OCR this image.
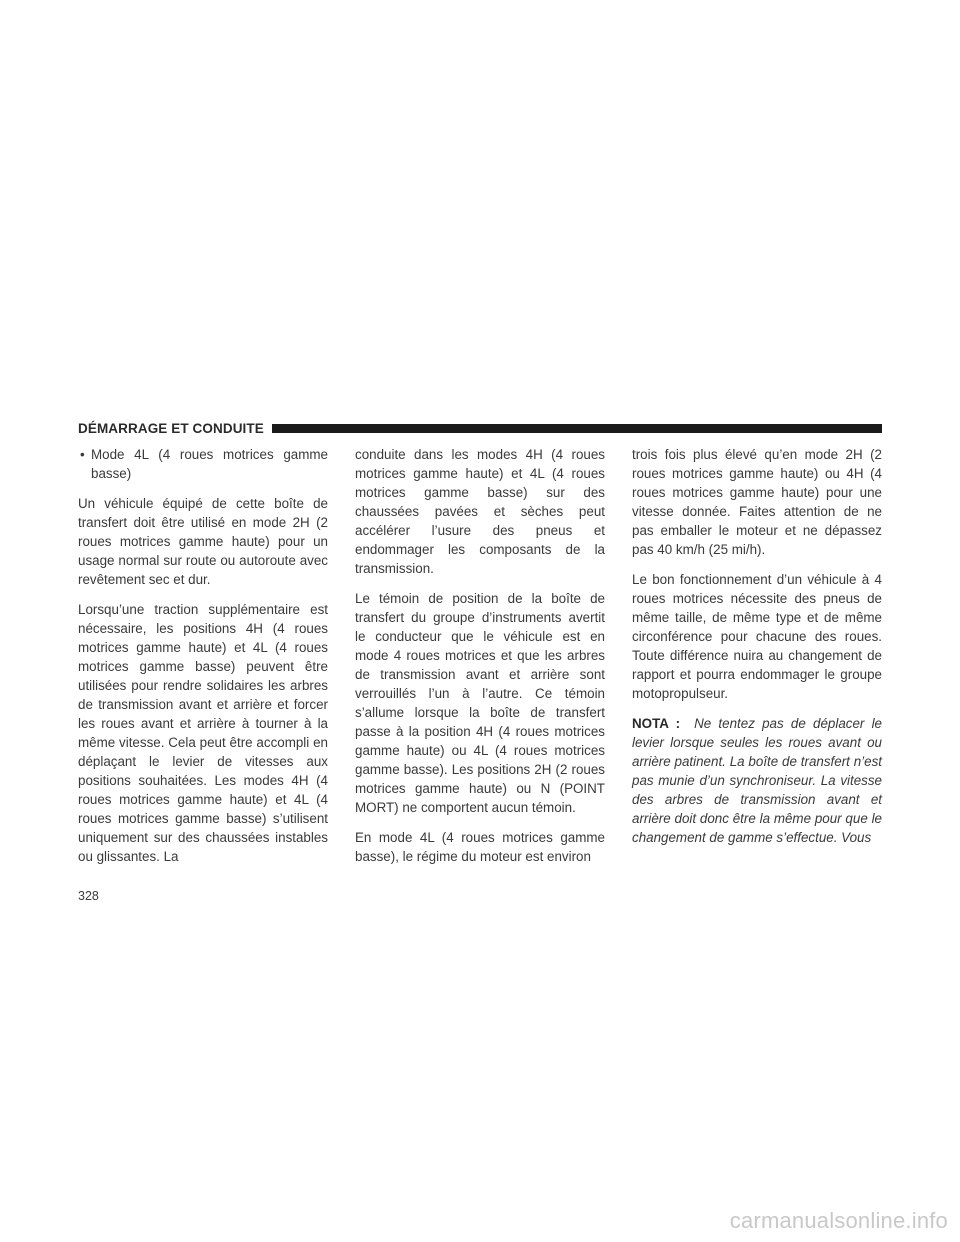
DÉMARRAGE ET CONDUITE
• Mode 4L (4 roues motrices gamme basse)

Un véhicule équipé de cette boîte de transfert doit être utilisé en mode 2H (2 roues motrices gamme haute) pour un usage normal sur route ou autoroute avec revêtement sec et dur.

Lorsqu’une traction supplémentaire est nécessaire, les positions 4H (4 roues motrices gamme haute) et 4L (4 roues motrices gamme basse) peuvent être utilisées pour rendre solidaires les arbres de transmission avant et arrière et forcer les roues avant et arrière à tourner à la même vitesse. Cela peut être accompli en déplaçant le levier de vitesses aux positions souhaitées. Les modes 4H (4 roues motrices gamme haute) et 4L (4 roues motrices gamme basse) s’utilisent uniquement sur des chaussées instables ou glissantes. La

conduite dans les modes 4H (4 roues motrices gamme haute) et 4L (4 roues motrices gamme basse) sur des chaussées pavées et sèches peut accélérer l’usure des pneus et endommager les composants de la transmission.

Le témoin de position de la boîte de transfert du groupe d’instruments avertit le conducteur que le véhicule est en mode 4 roues motrices et que les arbres de transmission avant et arrière sont verrouillés l’un à l’autre. Ce témoin s’allume lorsque la boîte de transfert passe à la position 4H (4 roues motrices gamme haute) ou 4L (4 roues motrices gamme basse). Les positions 2H (2 roues motrices gamme haute) ou N (POINT MORT) ne comportent aucun témoin.

En mode 4L (4 roues motrices gamme basse), le régime du moteur est environ

trois fois plus élevé qu’en mode 2H (2 roues motrices gamme haute) ou 4H (4 roues motrices gamme haute) pour une vitesse donnée. Faites attention de ne pas emballer le moteur et ne dépassez pas 40 km/h (25 mi/h).

Le bon fonctionnement d’un véhicule à 4 roues motrices nécessite des pneus de même taille, de même type et de même circonférence pour chacune des roues. Toute différence nuira au changement de rapport et pourra endommager le groupe motopropulseur.

NOTA : Ne tentez pas de déplacer le levier lorsque seules les roues avant ou arrière patinent. La boîte de transfert n’est pas munie d’un synchroniseur. La vitesse des arbres de transmission avant et arrière doit donc être la même pour que le changement de gamme s’effectue. Vous

328
carmanualsonline.info
